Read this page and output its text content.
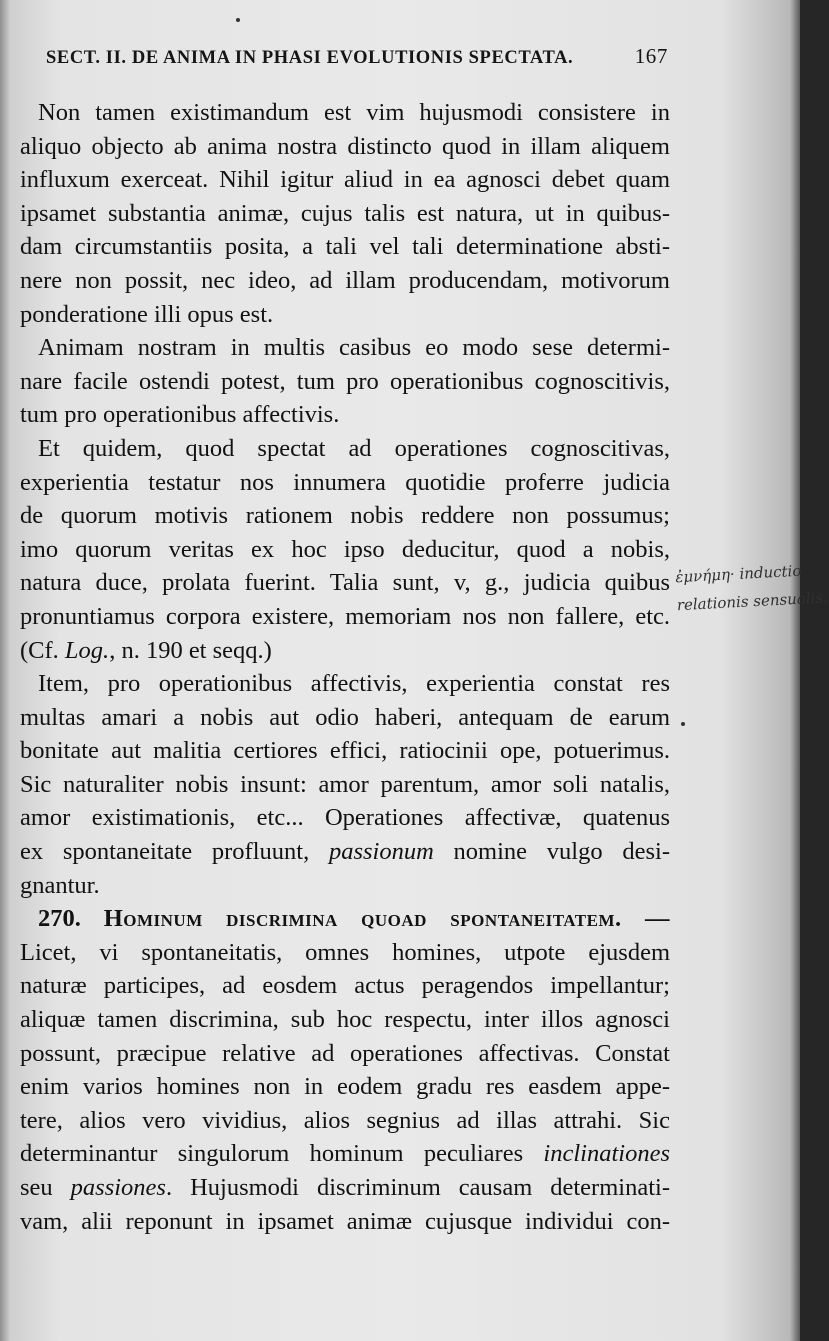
SECT. II. DE ANIMA IN PHASI EVOLUTIONIS SPECTATA.	167

Non tamen existimandum est vim hujusmodi consistere in
aliquo objecto ab anima nostra distincto quod in illam aliquem
influxum exerceat. Nihil igitur aliud in ea agnosci debet quam
ipsamet substantia animæ, cujus talis est natura, ut in quibus-
dam circumstantiis posita, a tali vel tali determinatione absti-
nere non possit, nec ideo, ad illam producendam, motivorum
ponderatione illi opus est.

Animam nostram in multis casibus eo modo sese determi-
nare facile ostendi potest, tum pro operationibus cognoscitivis,
tum pro operationibus affectivis.

Et quidem, quod spectat ad operationes cognoscitivas,
experientia testatur nos innumera quotidie proferre judicia
de quorum motivis rationem nobis reddere non possumus;
imo quorum veritas ex hoc ipso deducitur, quod a nobis,
natura duce, prolata fuerint. Talia sunt, v, g., judicia quibus
pronuntiamus corpora existere, memoriam nos non fallere, etc.
(Cf. Log., n. 190 et seqq.)

Item, pro operationibus affectivis, experientia constat res
multas amari a nobis aut odio haberi, antequam de earum
bonitate aut malitia certiores effici, ratiocinii ope, potuerimus.
Sic naturaliter nobis insunt: amor parentum, amor soli natalis,
amor existimationis, etc... Operationes affectivæ, quatenus
ex spontaneitate profluunt, passionum nomine vulgo desi-
gnantur.

270. Hominum discrimina quoad spontaneitatem. —
Licet, vi spontaneitatis, omnes homines, utpote ejusdem
naturæ participes, ad eosdem actus peragendos impellantur;
aliquæ tamen discrimina, sub hoc respectu, inter illos agnosci
possunt, præcipue relative ad operationes affectivas. Constat
enim varios homines non in eodem gradu res easdem appe-
tere, alios vero vividius, alios segnius ad illas attrahi. Sic
determinantur singulorum hominum peculiares inclinationes
seu passiones. Hujusmodi discriminum causam determinati-
vam, alii reponunt in ipsamet animæ cujusque individui con-

ἐμνήμη· inductio
relationis sensualis.
